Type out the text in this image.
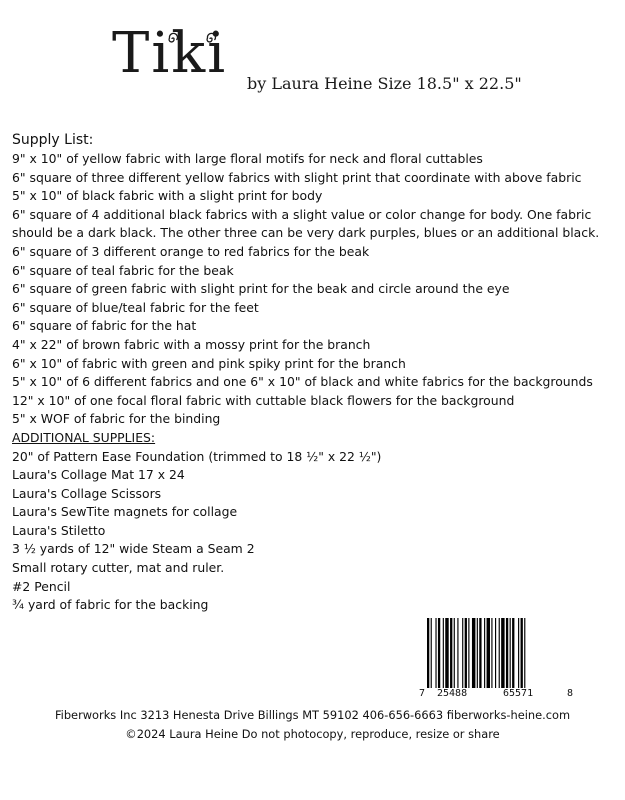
Tiki by Laura Heine Size 18.5" x 22.5"
Supply List:
9" x 10" of yellow fabric with large floral motifs for neck and floral cuttables
6" square of three different yellow fabrics with slight print that coordinate with above fabric
5" x 10" of black fabric with a slight print for body
6" square of 4 additional black fabrics with a slight value or color change for body. One fabric should be a dark black. The other three can be very dark purples, blues or an additional black.
6" square of 3 different orange to red fabrics for the beak
6" square of teal fabric for the beak
6" square of green fabric with slight print for the beak and circle around the eye
6" square of blue/teal fabric for the feet
6" square of fabric for the hat
4" x 22" of brown fabric with a mossy print for the branch
6" x 10" of fabric with green and pink spiky print for the branch
5" x 10" of 6 different fabrics and one 6" x 10" of black and white fabrics for the backgrounds
12" x 10" of one focal floral fabric with cuttable black flowers for the background
5" x WOF of fabric for the binding
ADDITIONAL SUPPLIES:
20" of Pattern Ease Foundation (trimmed to 18 ½" x 22 ½")
Laura's Collage Mat 17 x 24
Laura's Collage Scissors
Laura's SewTite magnets for collage
Laura's Stiletto
3 ½ yards of 12" wide Steam a Seam 2
Small rotary cutter, mat and ruler.
#2 Pencil
¾ yard of fabric for the backing
7 25488	65571	8
Fiberworks Inc 3213 Henesta Drive Billings MT 59102 406-656-6663 fiberworks-heine.com
©2024 Laura Heine Do not photocopy, reproduce, resize or share
